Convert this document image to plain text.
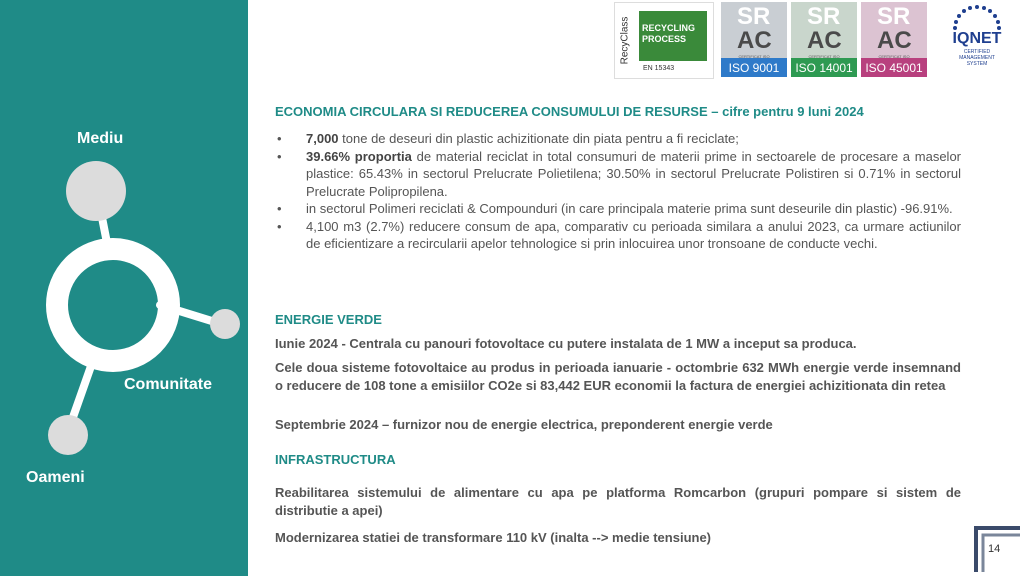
Mediu
Comunitate
Oameni
RecyClass RECYCLING
PROCESS
EN 15343
SR
AC
CERTIFICAT ISO
ISO 9001
SR
AC
CERTIFICAT ISO
ISO 14001
SR
AC
CERTIFICAT ISO
ISO 45001
IQNET
CERTIFIED
MANAGEMENT
SYSTEM
ECONOMIA CIRCULARA SI REDUCEREA CONSUMULUI DE RESURSE – cifre pentru 9 luni 2024
• 7,000 tone de deseuri din plastic achizitionate din piata pentru a fi reciclate;
• 39.66% proportia de material reciclat in total consumuri de materii prime in sectoarele de procesare a maselor plastice: 65.43% in sectorul Prelucrate Polietilena; 30.50% in sectorul Prelucrate Polistiren si 0.71% in sectorul Prelucrate Polipropilena.
• in sectorul Polimeri reciclati & Compounduri (in care principala materie prima sunt deseurile din plastic) -96.91%.
• 4,100 m3 (2.7%) reducere consum de apa, comparativ cu perioada similara a anului 2023, ca urmare actiunilor de eficientizare a recircularii apelor tehnologice si prin inlocuirea unor tronsoane de conducte vechi.
ENERGIE VERDE
Iunie 2024 - Centrala cu panouri fotovoltace cu putere instalata de 1 MW a inceput sa produca.
Cele doua sisteme fotovoltaice au produs in perioada ianuarie - octombrie 632 MWh energie verde insemnand o reducere de 108 tone a emisiilor CO2e si 83,442 EUR economii la factura de energiei achizitionata din retea
Septembrie 2024 – furnizor nou de energie electrica, preponderent energie verde
INFRASTRUCTURA
Reabilitarea sistemului de alimentare cu apa pe platforma Romcarbon (grupuri pompare si sistem de distributie a apei)
Modernizarea statiei de transformare 110 kV (inalta --> medie tensiune)
14
